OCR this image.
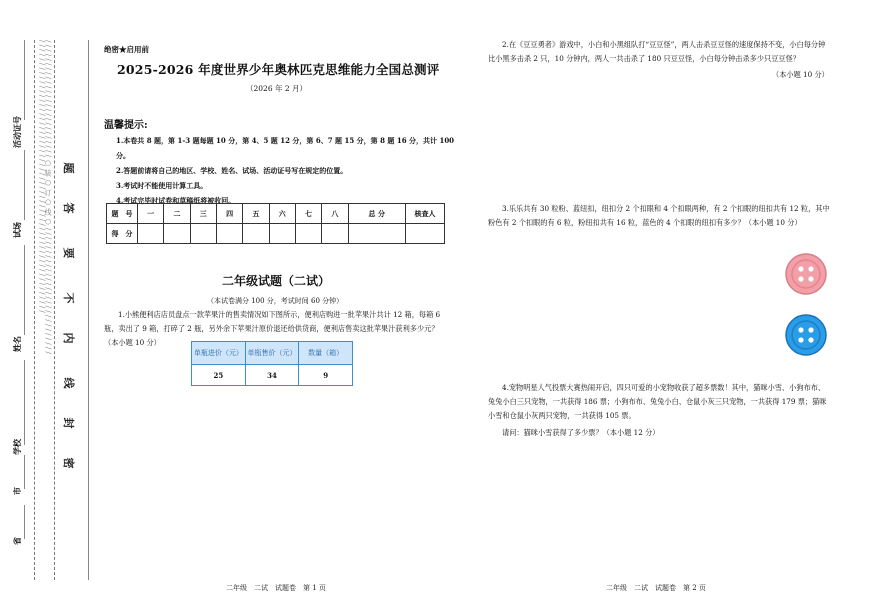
/ / / / / / / / / / / / / / / / / / / / / / / / / / / / / / / / / / / / / / / / / / / / / / / / / / / / / / / / / / / /
/ / / / / / / / / / / / / / / / / / / / / / / / / / ○ 装 ○ 订 ○ 线 ○ / / / / / / / / / / / / / / / / / / / / / / / / / / / / 题
答
要
不
内
线
封
密
省
市
学校
姓名
试场
活动证号
绝密★启用前
2025-2026 年度世界少年奥林匹克思维能力全国总测评
（2026 年 2 月）
温馨提示:
1.本卷共 8 题，第 1-3 题每题 10 分，第 4、5 题 12 分，第 6、7 题 15 分，第 8 题 16 分，共计 100 分。
2.答题前请将自己的地区、学校、姓名、试场、活动证号写在规定的位置。
3.考试时不能使用计算工具。
4.考试完毕时试卷和草稿纸将被收回。
题　号	一	二	三	四	五	六	七	八	总 分	核查人
得　分										
二年级试题（二试）
（本试卷满分 100 分，考试时间 60 分钟）
1.小熊便利店店员盘点一款苹果汁的售卖情况如下图所示，便利店购进一批苹果汁共计 12 箱，每箱 6 瓶，卖出了 9 箱，打碎了 2 瓶，另外余下苹果汁原价退还给供货商，便利店售卖这批苹果汁获利多少元？（本小题 10 分）
单瓶进价（元）	单瓶售价（元）	数量（箱）
25	34	9
二年级　二试　试题卷　第 1 页
2.在《豆豆勇者》游戏中，小白和小黑组队打“豆豆怪”，两人击杀豆豆怪的速度保持不变，小白每分钟比小黑多击杀 2 只，10 分钟内，两人一共击杀了 180 只豆豆怪，小白每分钟击杀多少只豆豆怪？
（本小题 10 分）
3.乐乐共有 30 粒粉、蓝纽扣，纽扣分 2 个扣眼和 4 个扣眼两种，有 2 个扣眼的纽扣共有 12 粒，其中粉色有 2 个扣眼的有 6 粒，粉纽扣共有 16 粒，蓝色的 4 个扣眼的纽扣有多少？（本小题 10 分）
4.宠物明星人气投票大赛热闹开启，四只可爱的小宠物收获了超多票数！其中，猫咪小雪、小狗布布、兔兔小白三只宠物，一共获得 186 票；小狗布布、兔兔小白、仓鼠小灰三只宠物，一共获得 179 票；猫咪小雪和仓鼠小灰两只宠物，一共获得 105 票。
请问：猫咪小雪获得了多少票？（本小题 12 分）
二年级　二试　试题卷　第 2 页
